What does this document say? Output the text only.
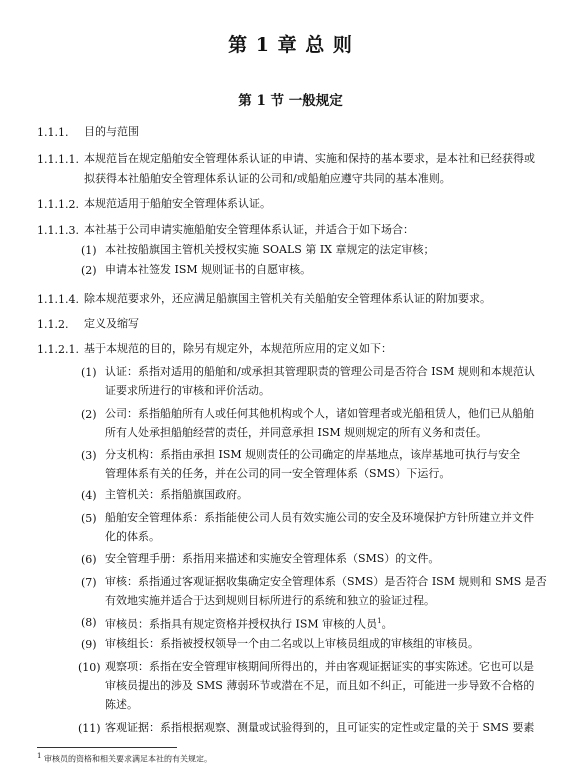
第 1 章 总 则
第 1 节 一般规定
1.1.1. 目的与范围
1.1.1.1. 本规范旨在规定船舶安全管理体系认证的申请、实施和保持的基本要求，是本社和已经获得或
拟获得本社船舶安全管理体系认证的公司和/或船舶应遵守共同的基本准则。
1.1.1.2. 本规范适用于船舶安全管理体系认证。
1.1.1.3. 本社基于公司申请实施船舶安全管理体系认证，并适合于如下场合：
(1) 本社按船旗国主管机关授权实施 SOALS 第 IX 章规定的法定审核；
(2) 申请本社签发 ISM 规则证书的自愿审核。
1.1.1.4. 除本规范要求外，还应满足船旗国主管机关有关船舶安全管理体系认证的附加要求。
1.1.2. 定义及缩写
1.1.2.1. 基于本规范的目的，除另有规定外，本规范所应用的定义如下：
(1) 认证：系指对适用的船舶和/或承担其管理职责的管理公司是否符合 ISM 规则和本规范认
证要求所进行的审核和评价活动。
(2) 公司：系指船舶所有人或任何其他机构或个人，诸如管理者或光船租赁人，他们已从船舶
所有人处承担船舶经营的责任，并同意承担 ISM 规则规定的所有义务和责任。
(3) 分支机构：系指由承担 ISM 规则责任的公司确定的岸基地点，该岸基地可执行与安全
管理体系有关的任务，并在公司的同一安全管理体系（SMS）下运行。
(4) 主管机关：系指船旗国政府。
(5) 船舶安全管理体系：系指能使公司人员有效实施公司的安全及环境保护方针所建立并文件
化的体系。
(6) 安全管理手册：系指用来描述和实施安全管理体系（SMS）的文件。
(7) 审核：系指通过客观证据收集确定安全管理体系（SMS）是否符合 ISM 规则和 SMS 是否
有效地实施并适合于达到规则目标所进行的系统和独立的验证过程。
(8) 审核员：系指具有规定资格并授权执行 ISM 审核的人员$^1$。
(9) 审核组长：系指被授权领导一个由二名或以上审核员组成的审核组的审核员。
(10) 观察项：系指在安全管理审核期间所得出的，并由客观证据证实的事实陈述。它也可以是
审核员提出的涉及 SMS 薄弱环节或潜在不足，而且如不纠正，可能进一步导致不合格的
陈述。
(11) 客观证据：系指根据观察、测量或试验得到的，且可证实的定性或定量的关于 SMS 要素
$^1$ 审核员的资格和相关要求满足本社的有关规定。
